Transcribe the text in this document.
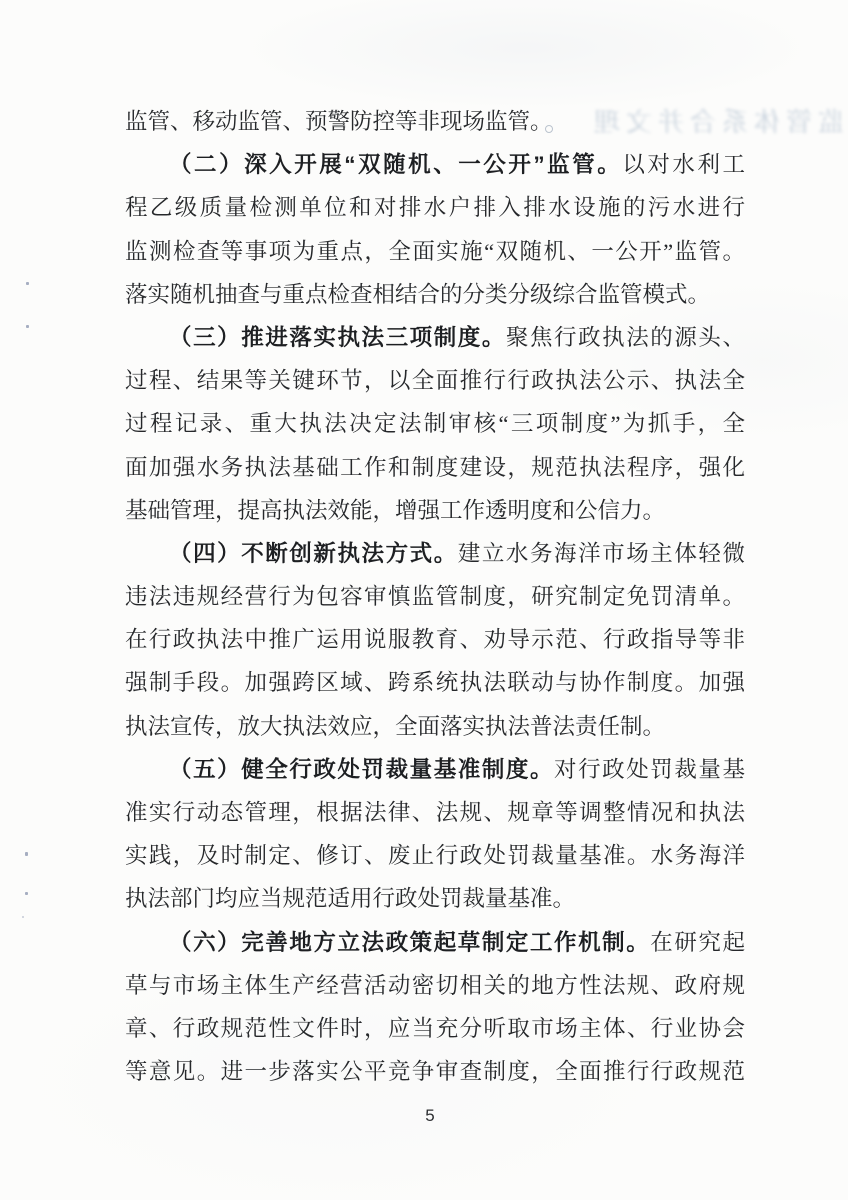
监管体系合并文理
监管、移动监管、预警防控等非现场监管。
（二）深入开展“双随机、一公开”监管。以对水利工
程乙级质量检测单位和对排水户排入排水设施的污水进行
监测检查等事项为重点，全面实施“双随机、一公开”监管。
落实随机抽查与重点检查相结合的分类分级综合监管模式。
（三）推进落实执法三项制度。聚焦行政执法的源头、
过程、结果等关键环节，以全面推行行政执法公示、执法全
过程记录、重大执法决定法制审核“三项制度”为抓手，全
面加强水务执法基础工作和制度建设，规范执法程序，强化
基础管理，提高执法效能，增强工作透明度和公信力。
（四）不断创新执法方式。建立水务海洋市场主体轻微
违法违规经营行为包容审慎监管制度，研究制定免罚清单。
在行政执法中推广运用说服教育、劝导示范、行政指导等非
强制手段。加强跨区域、跨系统执法联动与协作制度。加强
执法宣传，放大执法效应，全面落实执法普法责任制。
（五）健全行政处罚裁量基准制度。对行政处罚裁量基
准实行动态管理，根据法律、法规、规章等调整情况和执法
实践，及时制定、修订、废止行政处罚裁量基准。水务海洋
执法部门均应当规范适用行政处罚裁量基准。
（六）完善地方立法政策起草制定工作机制。在研究起
草与市场主体生产经营活动密切相关的地方性法规、政府规
章、行政规范性文件时，应当充分听取市场主体、行业协会
等意见。进一步落实公平竞争审查制度，全面推行行政规范
5
